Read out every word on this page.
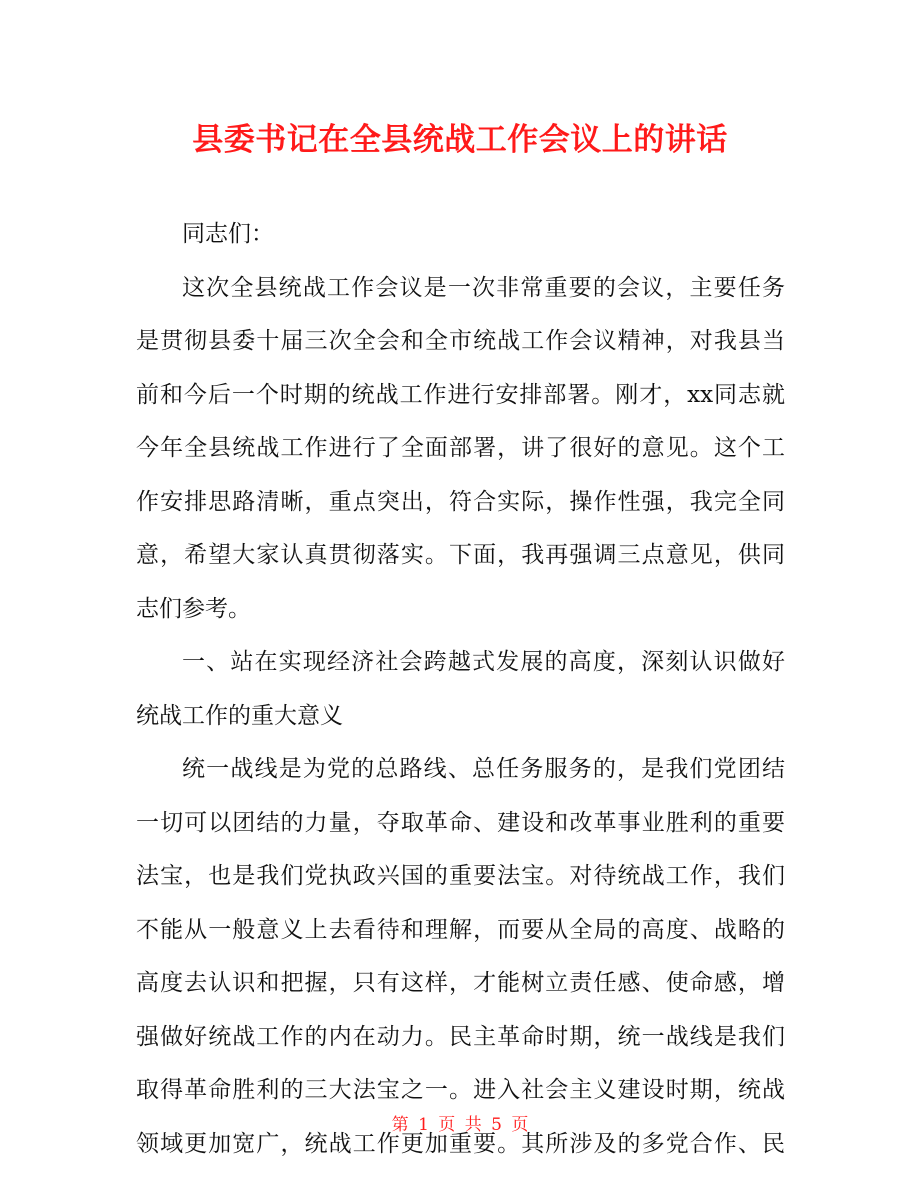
县委书记在全县统战工作会议上的讲话
同志们：
这次全县统战工作会议是一次非常重要的会议，主要任务
是贯彻县委十届三次全会和全市统战工作会议精神，对我县当
前和今后一个时期的统战工作进行安排部署。刚才，xx同志就
今年全县统战工作进行了全面部署，讲了很好的意见。这个工
作安排思路清晰，重点突出，符合实际，操作性强，我完全同
意，希望大家认真贯彻落实。下面，我再强调三点意见，供同
志们参考。
一、站在实现经济社会跨越式发展的高度，深刻认识做好
统战工作的重大意义
统一战线是为党的总路线、总任务服务的，是我们党团结
一切可以团结的力量，夺取革命、建设和改革事业胜利的重要
法宝，也是我们党执政兴国的重要法宝。对待统战工作，我们
不能从一般意义上去看待和理解，而要从全局的高度、战略的
高度去认识和把握，只有这样，才能树立责任感、使命感，增
强做好统战工作的内在动力。民主革命时期，统一战线是我们
取得革命胜利的三大法宝之一。进入社会主义建设时期，统战
领域更加宽广，统战工作更加重要。其所涉及的多党合作、民
第 1 页 共 5 页
